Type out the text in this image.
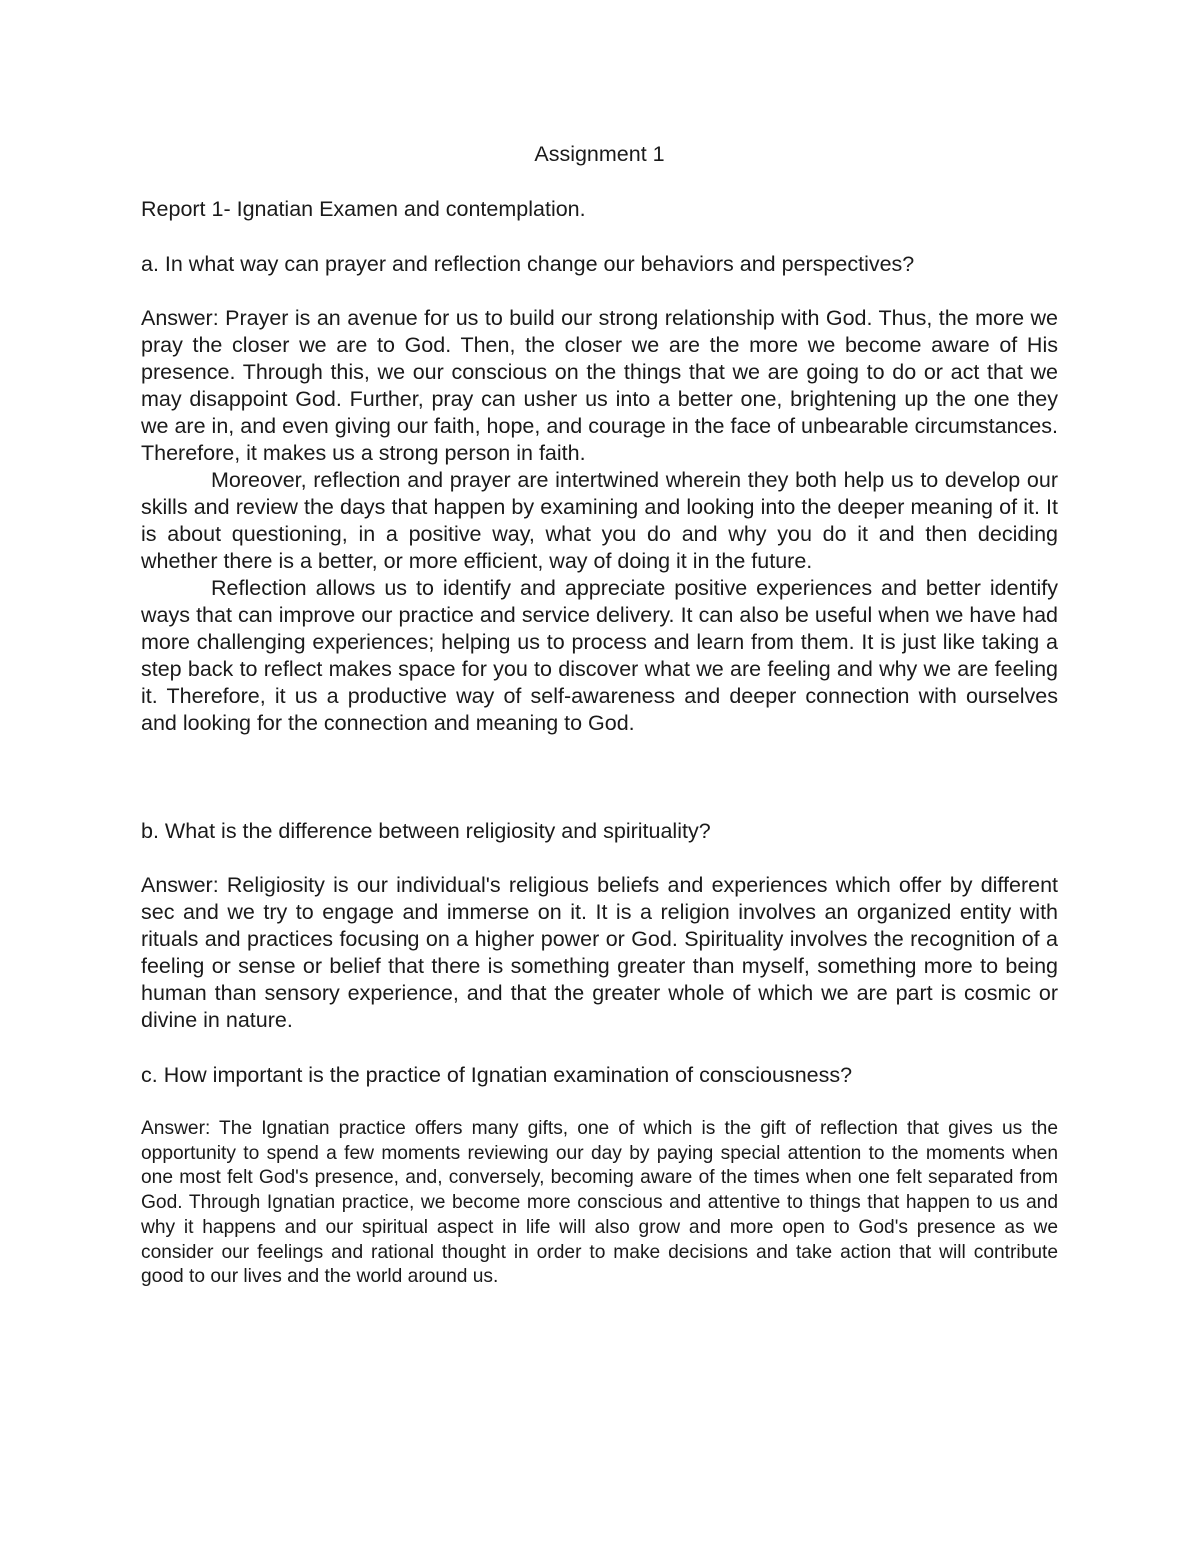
Assignment 1

Report 1- Ignatian Examen and contemplation.

a. In what way can prayer and reflection change our behaviors and perspectives?

Answer: Prayer is an avenue for us to build our strong relationship with God. Thus, the more we pray the closer we are to God. Then, the closer we are the more we become aware of His presence. Through this, we our conscious on the things that we are going to do or act that we may disappoint God. Further, pray can usher us into a better one, brightening up the one they we are in, and even giving our faith, hope, and courage in the face of unbearable circumstances. Therefore, it makes us a strong person in faith.

Moreover, reflection and prayer are intertwined wherein they both help us to develop our skills and review the days that happen by examining and looking into the deeper meaning of it. It is about questioning, in a positive way, what you do and why you do it and then deciding whether there is a better, or more efficient, way of doing it in the future.

Reflection allows us to identify and appreciate positive experiences and better identify ways that can improve our practice and service delivery. It can also be useful when we have had more challenging experiences; helping us to process and learn from them. It is just like taking a step back to reflect makes space for you to discover what we are feeling and why we are feeling it. Therefore, it us a productive way of self-awareness and deeper connection with ourselves and looking for the connection and meaning to God.

b. What is the difference between religiosity and spirituality?

Answer: Religiosity is our individual's religious beliefs and experiences which offer by different sec and we try to engage and immerse on it. It is a religion involves an organized entity with rituals and practices focusing on a higher power or God. Spirituality involves the recognition of a feeling or sense or belief that there is something greater than myself, something more to being human than sensory experience, and that the greater whole of which we are part is cosmic or divine in nature.

c. How important is the practice of Ignatian examination of consciousness?

Answer: The Ignatian practice offers many gifts, one of which is the gift of reflection that gives us the opportunity to spend a few moments reviewing our day by paying special attention to the moments when one most felt God's presence, and, conversely, becoming aware of the times when one felt separated from God. Through Ignatian practice, we become more conscious and attentive to things that happen to us and why it happens and our spiritual aspect in life will also grow and more open to God's presence as we consider our feelings and rational thought in order to make decisions and take action that will contribute good to our lives and the world around us.
